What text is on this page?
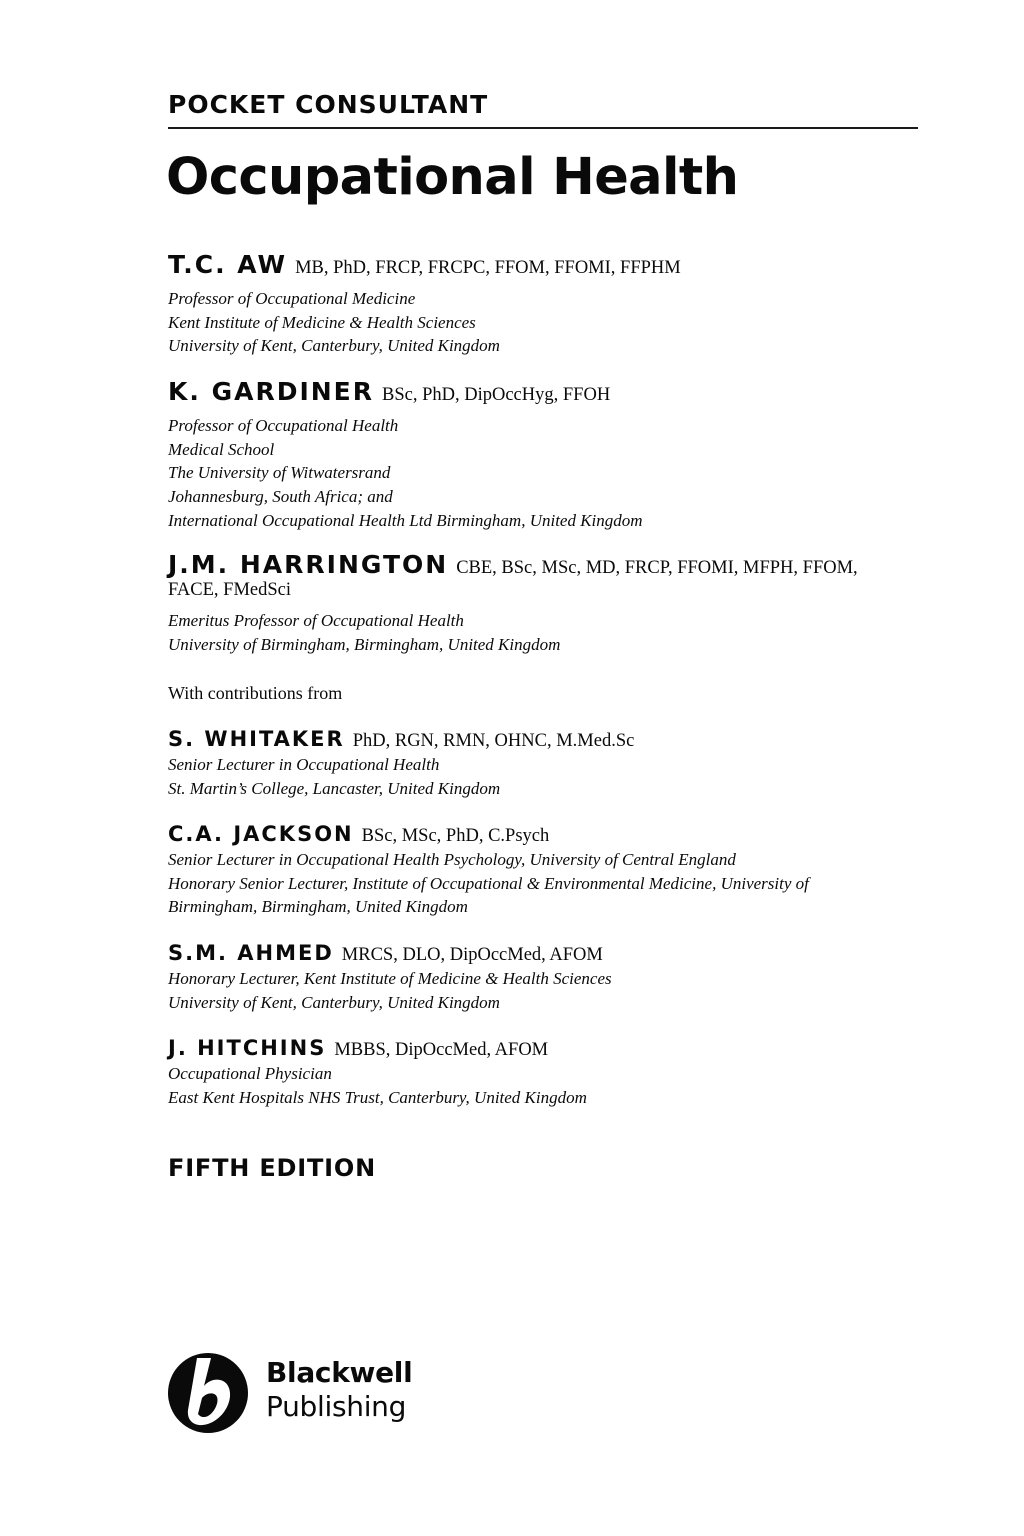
POCKET CONSULTANT
Occupational Health
T.C. AW MB, PhD, FRCP, FRCPC, FFOM, FFOMI, FFPHM
Professor of Occupational Medicine
Kent Institute of Medicine & Health Sciences
University of Kent, Canterbury, United Kingdom
K. GARDINER BSc, PhD, DipOccHyg, FFOH
Professor of Occupational Health
Medical School
The University of Witwatersrand
Johannesburg, South Africa; and
International Occupational Health Ltd Birmingham, United Kingdom
J.M. HARRINGTON CBE, BSc, MSc, MD, FRCP, FFOMI, MFPH, FFOM,
FACE, FMedSci
Emeritus Professor of Occupational Health
University of Birmingham, Birmingham, United Kingdom
With contributions from
S. WHITAKER PhD, RGN, RMN, OHNC, M.Med.Sc
Senior Lecturer in Occupational Health
St. Martin’s College, Lancaster, United Kingdom
C.A. JACKSON BSc, MSc, PhD, C.Psych
Senior Lecturer in Occupational Health Psychology, University of Central England
Honorary Senior Lecturer, Institute of Occupational & Environmental Medicine, University of
Birmingham, Birmingham, United Kingdom
S.M. AHMED MRCS, DLO, DipOccMed, AFOM
Honorary Lecturer, Kent Institute of Medicine & Health Sciences
University of Kent, Canterbury, United Kingdom
J. HITCHINS MBBS, DipOccMed, AFOM
Occupational Physician
East Kent Hospitals NHS Trust, Canterbury, United Kingdom
FIFTH EDITION
Blackwell
Publishing
